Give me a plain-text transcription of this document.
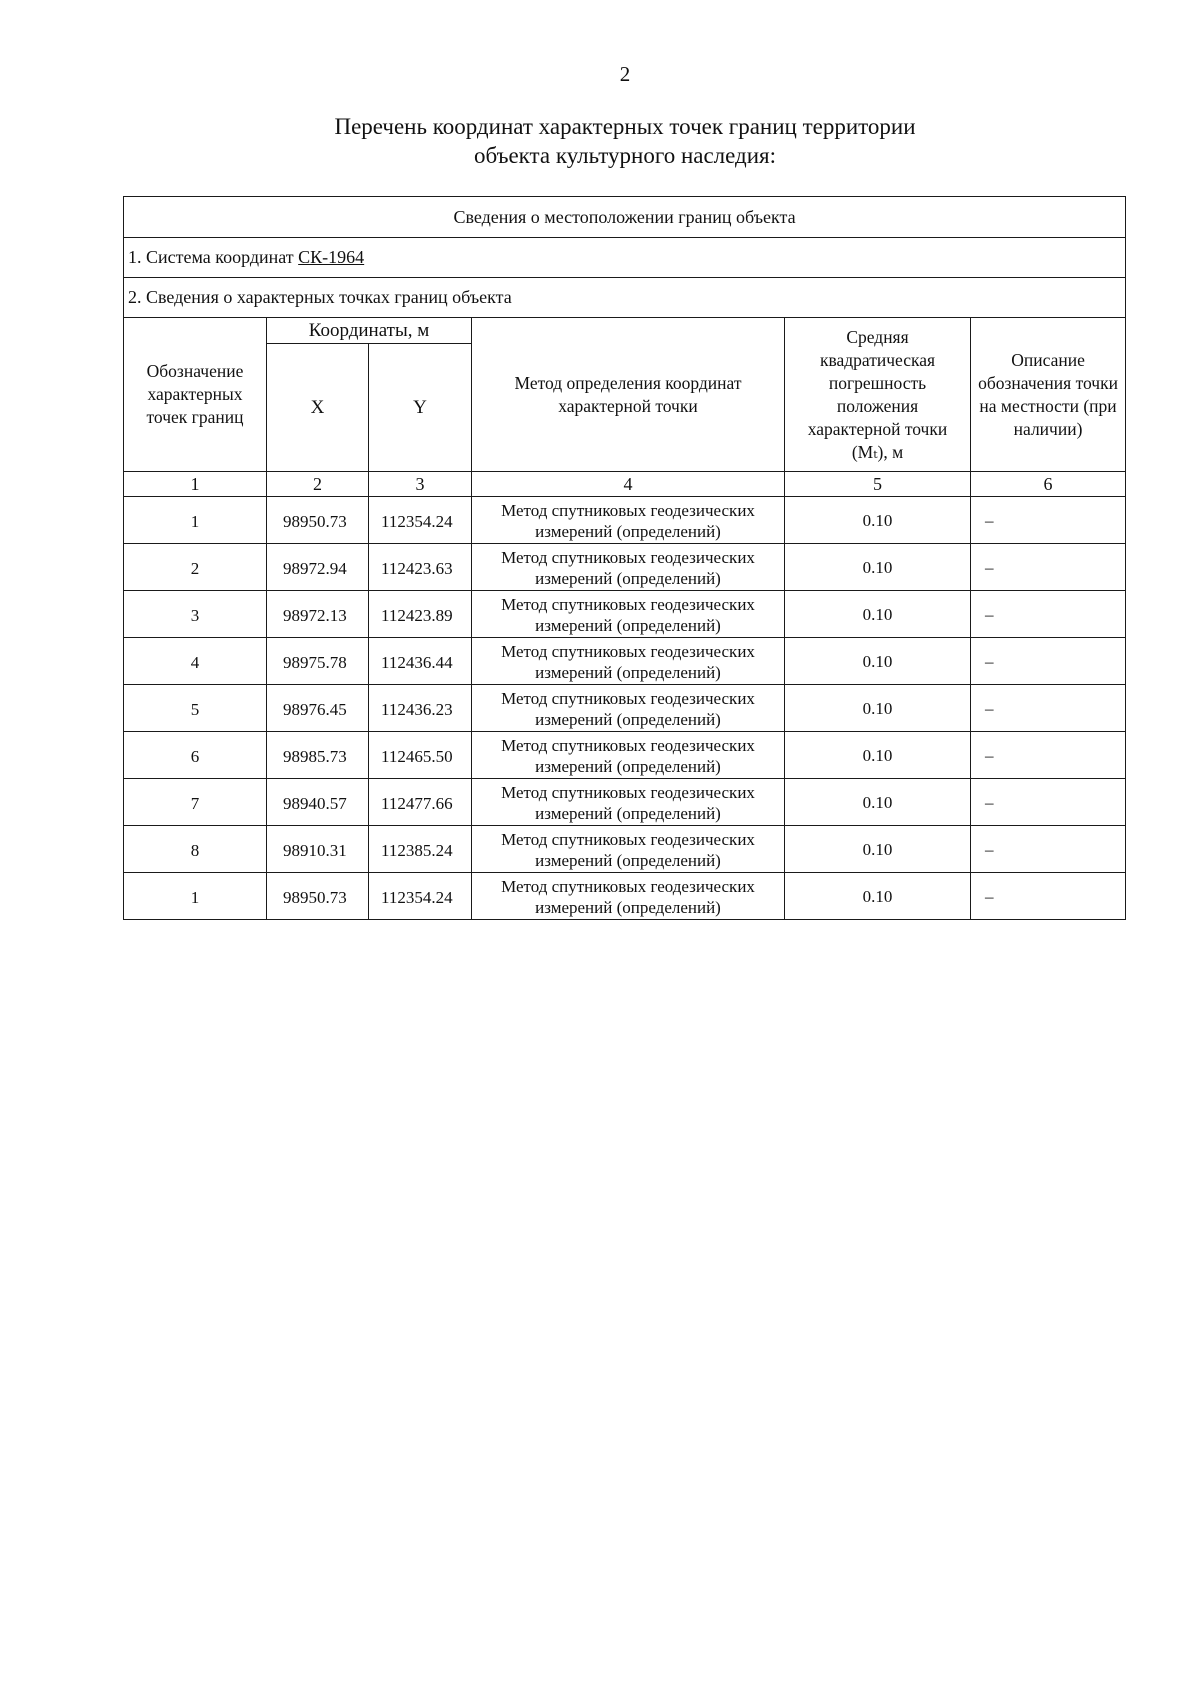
2
Перечень координат характерных точек границ территории
объекта культурного наследия:
Сведения о местоположении границ объекта					
1. Система координат СК-1964					
2. Сведения о характерных точках границ объекта					
Обозначение характерных точек границ	Координаты, м		Метод определения координат характерной точки	Средняя квадратическая погрешность положения характерной точки (Mₜ), м	Описание обозначения точки на местности (при наличии)
	X	Y			
1	2	3	4	5	6
1	98950.73	112354.24	Метод спутниковых геодезических измерений (определений)	0.10	–
2	98972.94	112423.63	Метод спутниковых геодезических измерений (определений)	0.10	–
3	98972.13	112423.89	Метод спутниковых геодезических измерений (определений)	0.10	–
4	98975.78	112436.44	Метод спутниковых геодезических измерений (определений)	0.10	–
5	98976.45	112436.23	Метод спутниковых геодезических измерений (определений)	0.10	–
6	98985.73	112465.50	Метод спутниковых геодезических измерений (определений)	0.10	–
7	98940.57	112477.66	Метод спутниковых геодезических измерений (определений)	0.10	–
8	98910.31	112385.24	Метод спутниковых геодезических измерений (определений)	0.10	–
1	98950.73	112354.24	Метод спутниковых геодезических измерений (определений)	0.10	–
